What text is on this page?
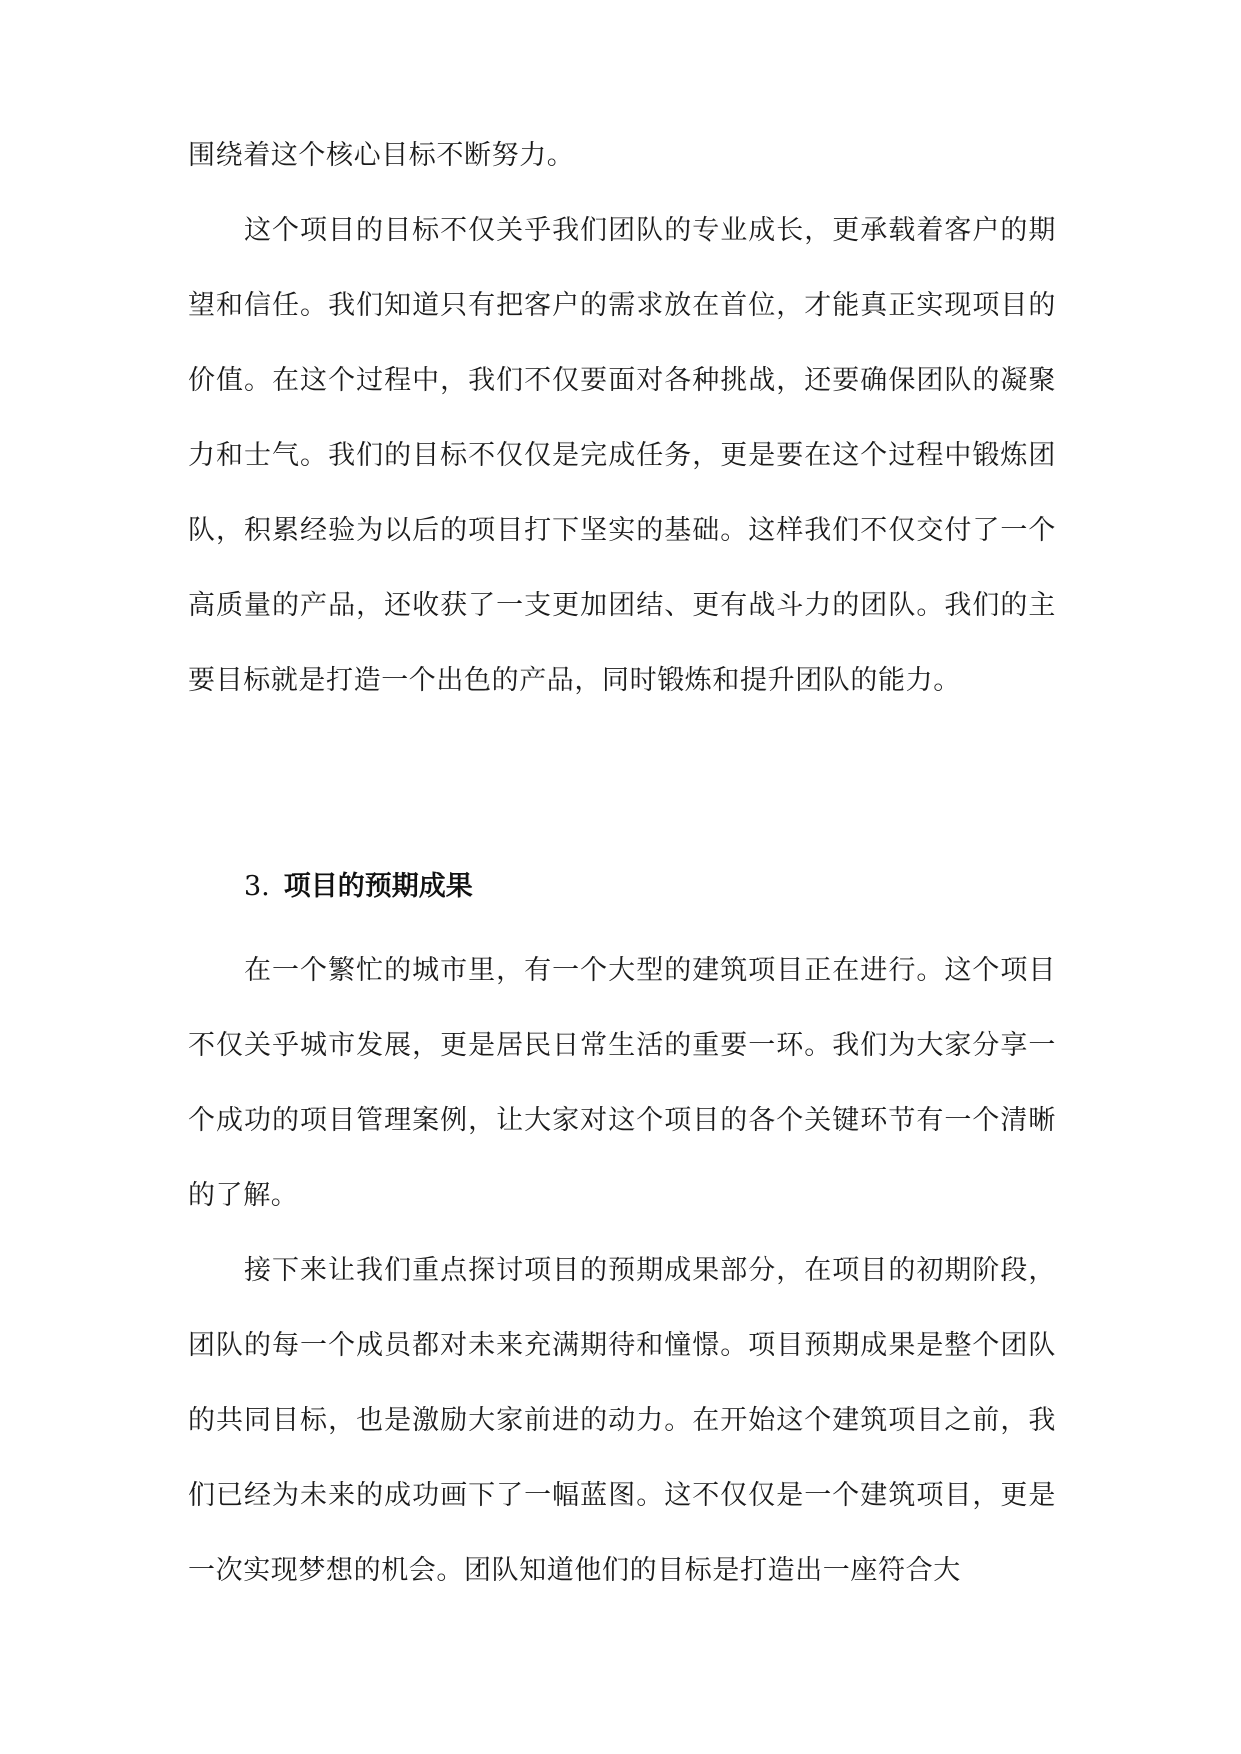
围绕着这个核心目标不断努力。

这个项目的目标不仅关乎我们团队的专业成长，更承载着客户的期望和信任。我们知道只有把客户的需求放在首位，才能真正实现项目的价值。在这个过程中，我们不仅要面对各种挑战，还要确保团队的凝聚力和士气。我们的目标不仅仅是完成任务，更是要在这个过程中锻炼团队，积累经验为以后的项目打下坚实的基础。这样我们不仅交付了一个高质量的产品，还收获了一支更加团结、更有战斗力的团队。我们的主要目标就是打造一个出色的产品，同时锻炼和提升团队的能力。

3. 项目的预期成果

在一个繁忙的城市里，有一个大型的建筑项目正在进行。这个项目不仅关乎城市发展，更是居民日常生活的重要一环。我们为大家分享一个成功的项目管理案例，让大家对这个项目的各个关键环节有一个清晰的了解。

接下来让我们重点探讨项目的预期成果部分，在项目的初期阶段，团队的每一个成员都对未来充满期待和憧憬。项目预期成果是整个团队的共同目标，也是激励大家前进的动力。在开始这个建筑项目之前，我们已经为未来的成功画下了一幅蓝图。这不仅仅是一个建筑项目，更是一次实现梦想的机会。团队知道他们的目标是打造出一座符合大
